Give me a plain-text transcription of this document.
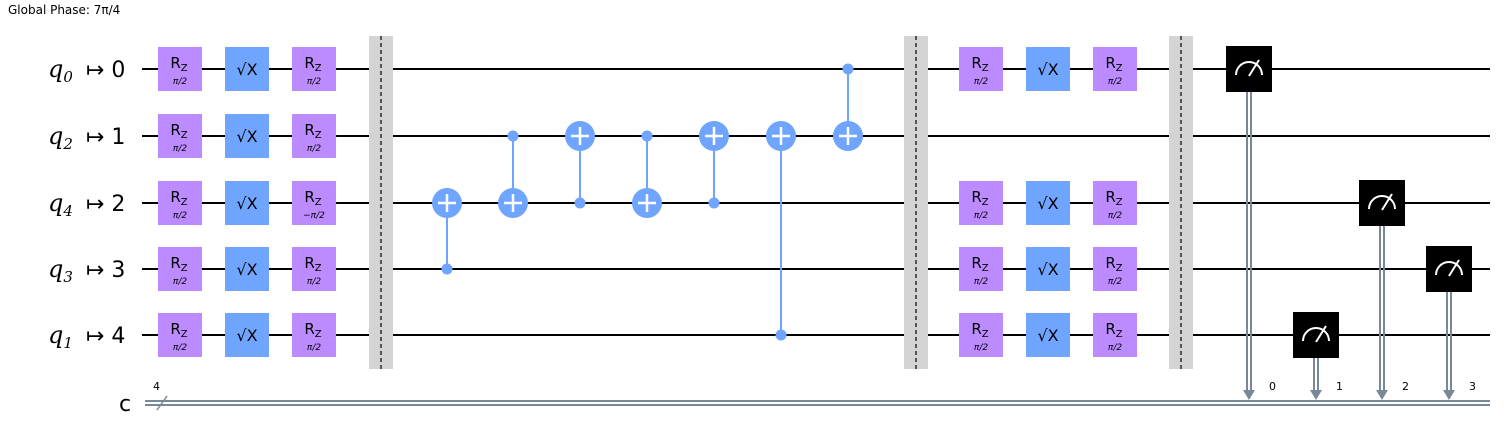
Global Phase: 7π/4
$R_Z$
π/2
√X	$R_Z$
π/2
$R_Z$
π/2
√X	$R_Z$
π/2
$R_Z$
π/2
√X	$R_Z$
−π/2
$R_Z$
π/2
√X	$R_Z$
π/2
$R_Z$
π/2
√X	$R_Z$
π/2
$R_Z$
π/2
√X	$R_Z$
π/2
$R_Z$
π/2
√X	$R_Z$
π/2
$R_Z$
π/2
√X	$R_Z$
π/2
$R_Z$
π/2
√X	$R_Z$
π/2
$q_0$ ↦ 0
$q_2$ ↦ 1
$q_4$ ↦ 2
$q_3$ ↦ 3
$q_1$ ↦ 4
c
4	0	1	2	3
